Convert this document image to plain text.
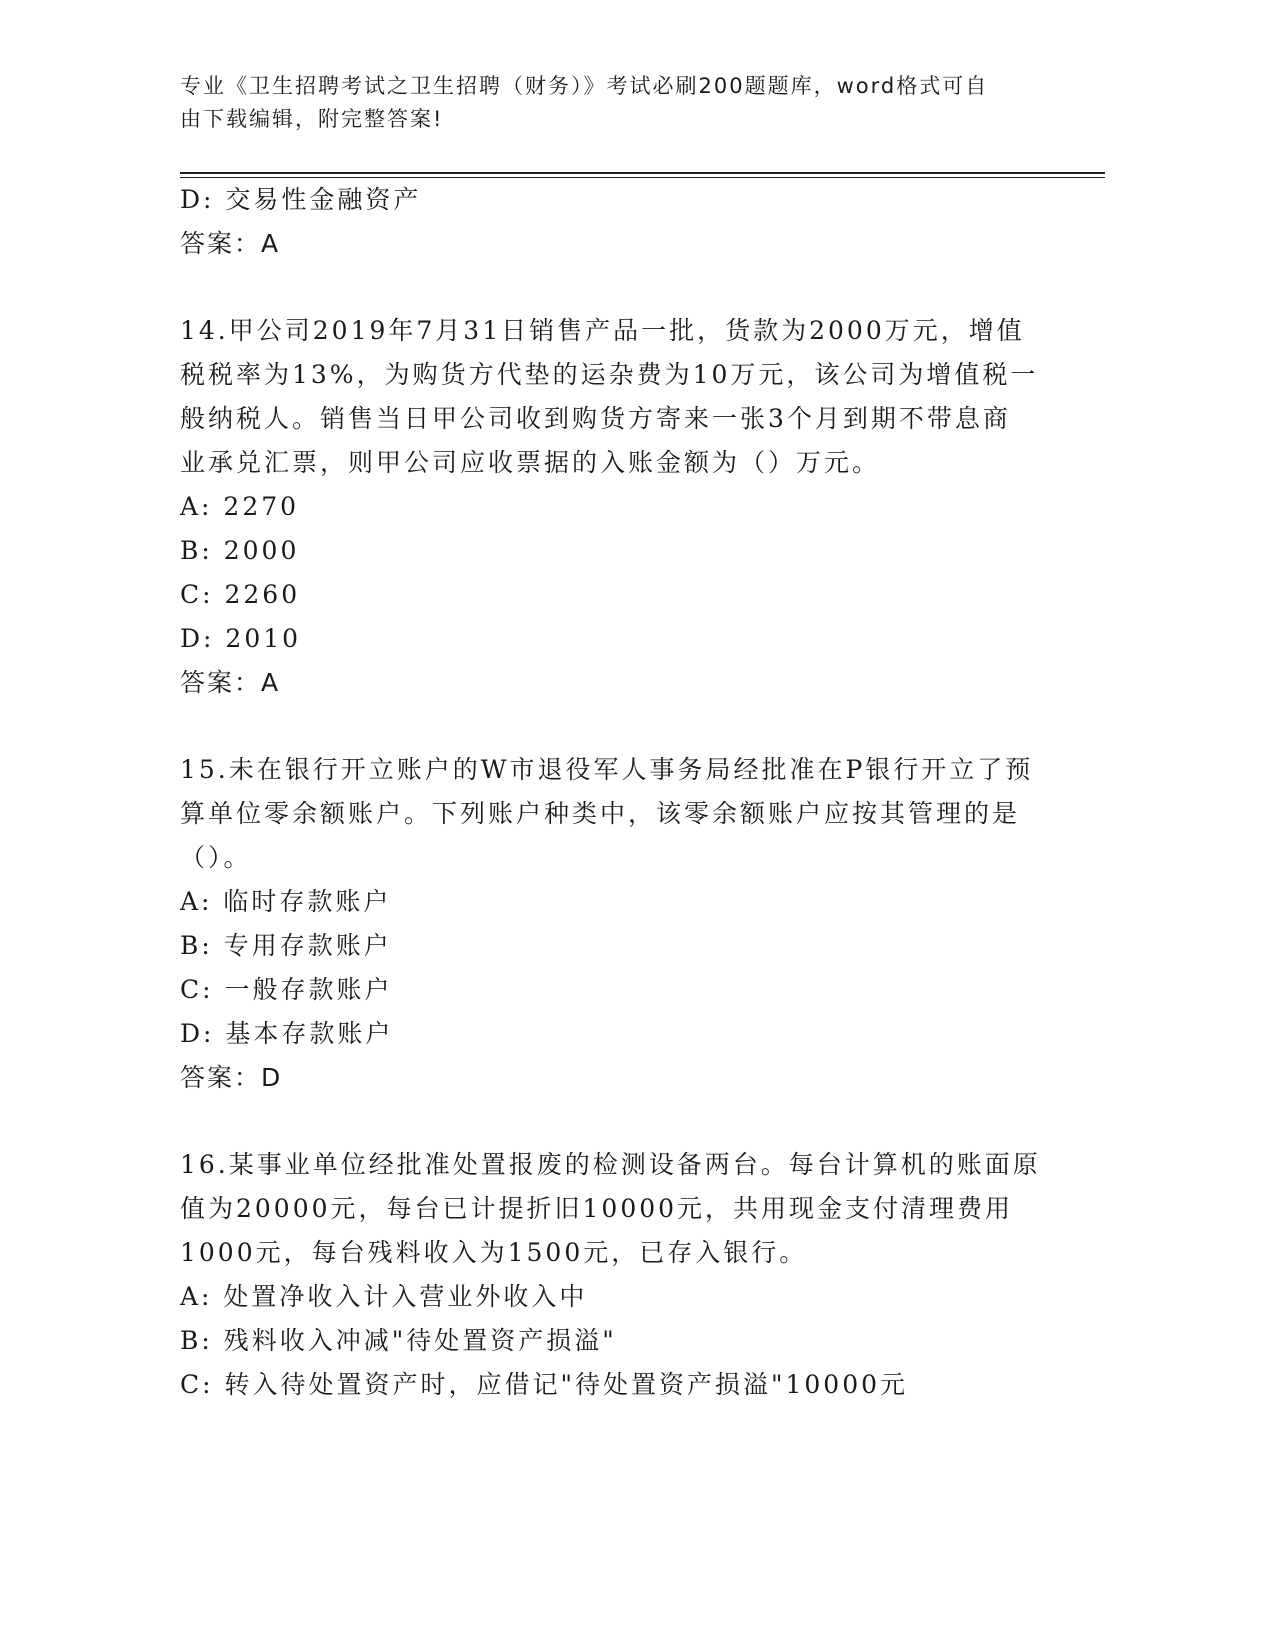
专业《卫生招聘考试之卫生招聘（财务）》考试必刷200题题库，word格式可自
由下载编辑，附完整答案!
D: 交易性金融资产
答案：A
14.甲公司2019年7月31日销售产品一批，货款为2000万元，增值
税税率为13%，为购货方代垫的运杂费为10万元，该公司为增值税一
般纳税人。销售当日甲公司收到购货方寄来一张3个月到期不带息商
业承兑汇票，则甲公司应收票据的入账金额为（）万元。
A: 2270
B: 2000
C: 2260
D: 2010
答案：A
15.未在银行开立账户的W市退役军人事务局经批准在P银行开立了预
算单位零余额账户。下列账户种类中，该零余额账户应按其管理的是
（）。
A: 临时存款账户
B: 专用存款账户
C: 一般存款账户
D: 基本存款账户
答案：D
16.某事业单位经批准处置报废的检测设备两台。每台计算机的账面原
值为20000元，每台已计提折旧10000元，共用现金支付清理费用
1000元，每台残料收入为1500元，已存入银行。
A: 处置净收入计入营业外收入中
B: 残料收入冲减"待处置资产损溢"
C: 转入待处置资产时，应借记"待处置资产损溢"10000元
